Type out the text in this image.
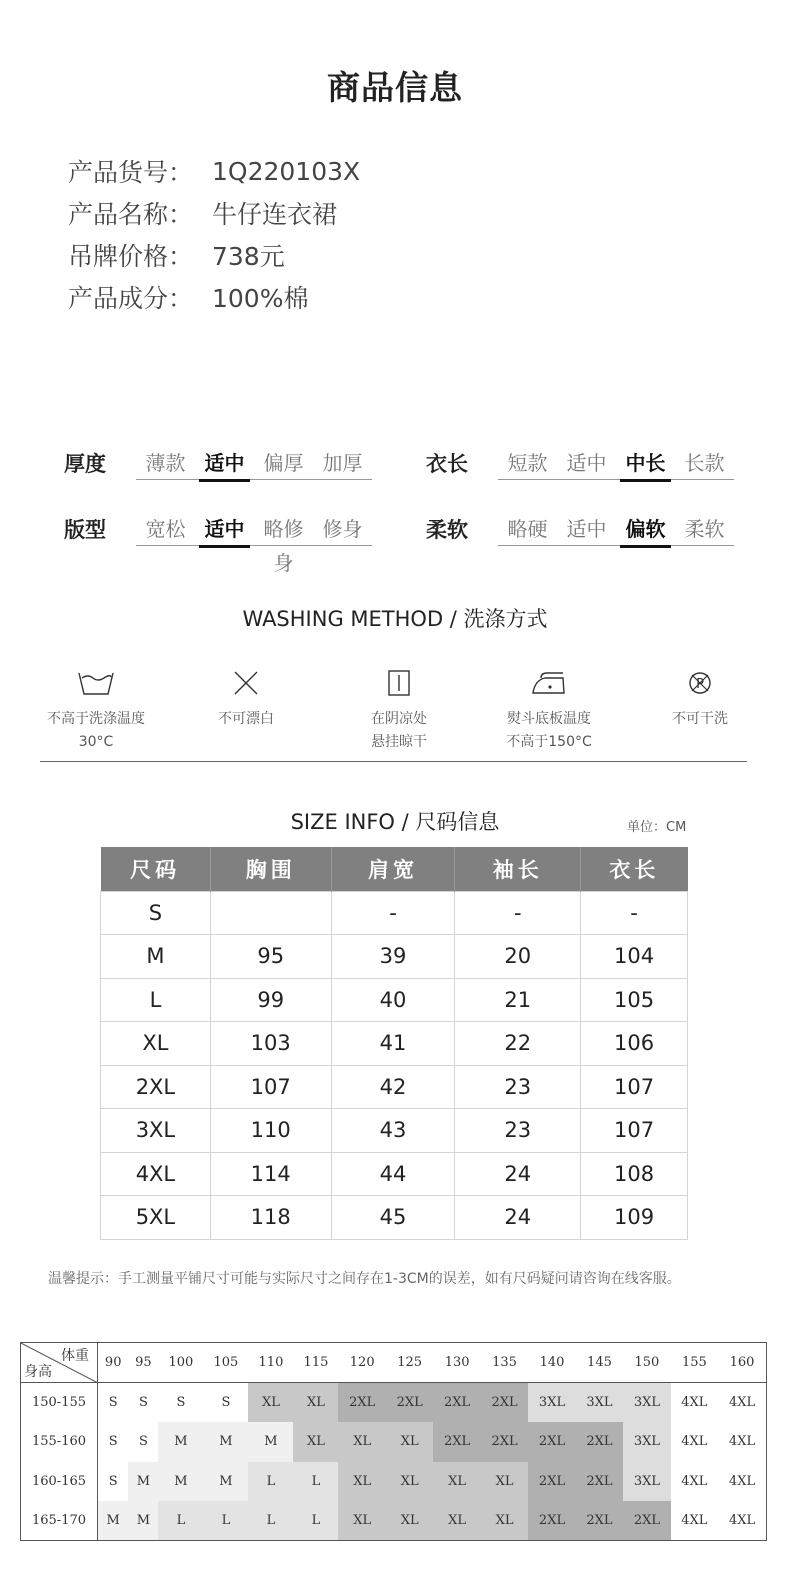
商品信息
产品货号： 1Q220103X
产品名称： 牛仔连衣裙
吊牌价格： 738元
产品成分： 100%棉
厚度	薄款 适中 偏厚 加厚	衣长	短款 适中 中长 长款
版型	宽松 适中 略修身
修身	柔软	略硬 适中 偏软 柔软
WASHING METHOD / 洗涤方式
不高于洗涤温度
30°C
不可漂白	在阴凉处
悬挂晾干
熨斗底板温度
不高于150°C
P
不可干洗
SIZE INFO / 尺码信息	单位：CM
尺码	胸围	肩宽	袖长	衣长
S		-	-	-
M	95	39	20	104
L	99	40	21	105
XL	103	41	22	106
2XL	107	42	23	107
3XL	110	43	23	107
4XL	114	44	24	108
5XL	118	45	24	109
温馨提示：手工测量平铺尺寸可能与实际尺寸之间存在1-3CM的误差，如有尺码疑问请咨询在线客服。
体重
身高	90	95	100	105	110	115	120	125	130	135	140	145	150	155	160
150-155	S	S	S	S	XL	XL	2XL	2XL	2XL	2XL	3XL	3XL	3XL	4XL	4XL
155-160	S	S	M	M	M	XL	XL	XL	2XL	2XL	2XL	2XL	3XL	4XL	4XL
160-165	S	M	M	M	L	L	XL	XL	XL	XL	2XL	2XL	3XL	4XL	4XL
165-170	M	M	L	L	L	L	XL	XL	XL	XL	2XL	2XL	2XL	4XL	4XL
